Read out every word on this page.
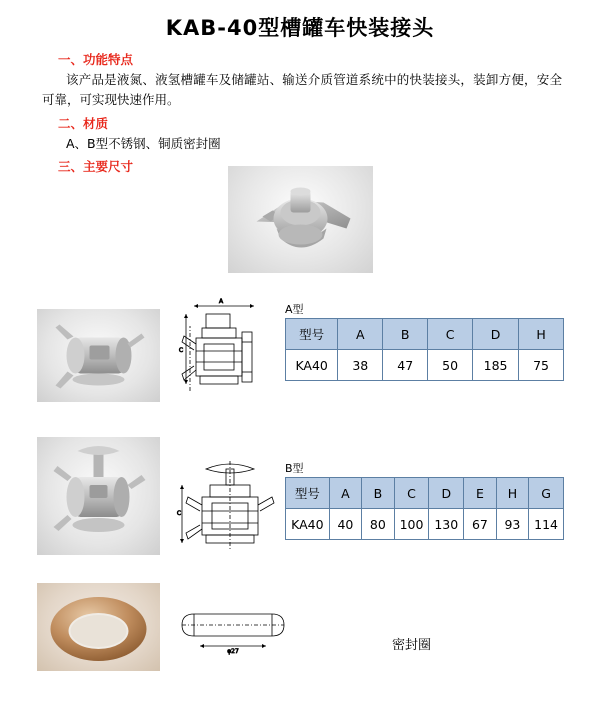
KAB-40型槽罐车快装接头
一、功能特点
该产品是液氮、液氢槽罐车及储罐站、输送介质管道系统中的快装接头，装卸方便，安全可靠，可实现快速作用。
二、材质
A、B型不锈钢、铜质密封圈
三、主要尺寸
A
C
C
φ27	密封圈
A型
型号	A	B	C	D	H
KA40	38	47	50	185	75
B型
型号	A	B	C	D	E	H	G
KA40	40	80	100	130	67	93	114
